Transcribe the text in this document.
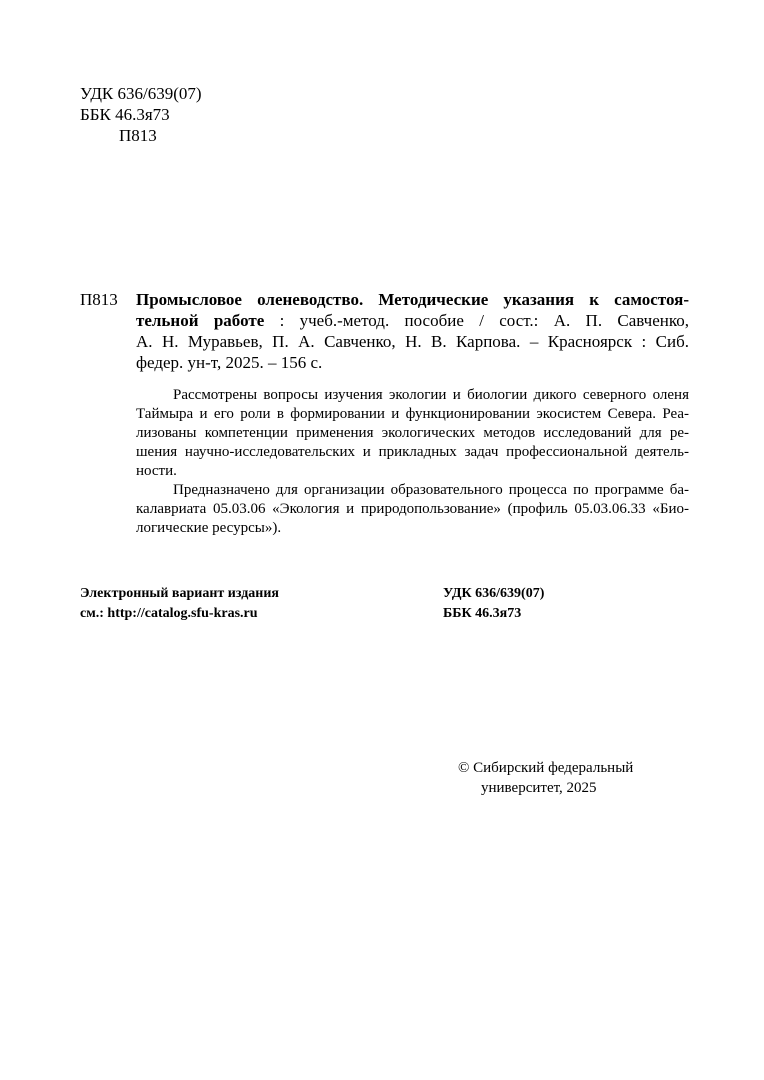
УДК 636/639(07)

ББК 46.3я73

П813

П813 Промысловое оленеводство. Методические указания к самостоя-

тельной работе : учеб.-метод. пособие / сост.: А. П. Савченко,

А. Н. Муравьев, П. А. Савченко, Н. В. Карпова. – Красноярск : Сиб.

федер. ун-т, 2025. – 156 с.

Рассмотрены вопросы изучения экологии и биологии дикого северного оленя
Таймыра и его роли в формировании и функционировании экосистем Севера. Реа-
лизованы компетенции применения экологических методов исследований для ре-
шения научно-исследовательских и прикладных задач профессиональной деятель-
ности.
Предназначено для организации образовательного процесса по программе ба-
калавриата 05.03.06 «Экология и природопользование» (профиль 05.03.06.33 «Био-
логические ресурсы»).

Электронный вариант издания

см.: http://catalog.sfu-kras.ru

УДК 636/639(07)

ББК 46.3я73

© Сибирский федеральный

университет, 2025
